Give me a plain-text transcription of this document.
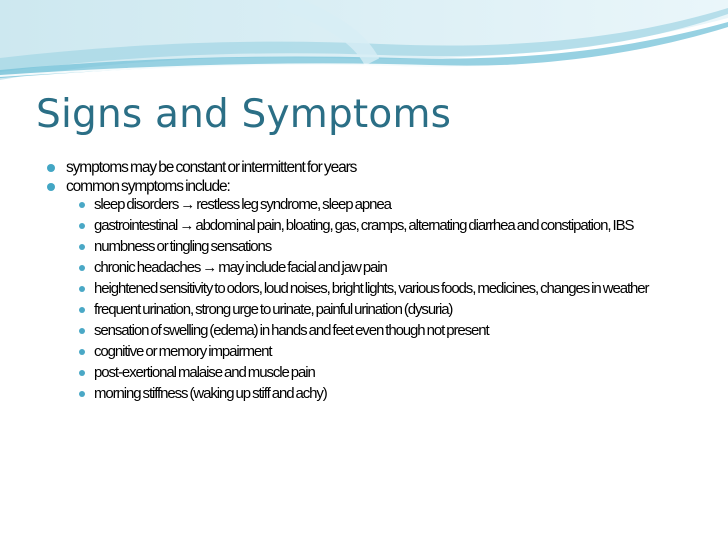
Signs and Symptoms
symptoms may be constant or intermittent for years
common symptoms include:
sleep disorders → restless leg syndrome, sleep apnea
gastrointestinal → abdominal pain, bloating, gas, cramps, alternating diarrhea and constipation, IBS
numbness or tingling sensations
chronic headaches → may include facial and jaw pain
heightened sensitivity to odors, loud noises, bright lights, various foods, medicines, changes in weather
frequent urination, strong urge to urinate, painful urination (dysuria)
sensation of swelling (edema) in hands and feet even though not present
cognitive or memory impairment
post-exertional malaise and muscle pain
morning stiffness (waking up stiff and achy)
